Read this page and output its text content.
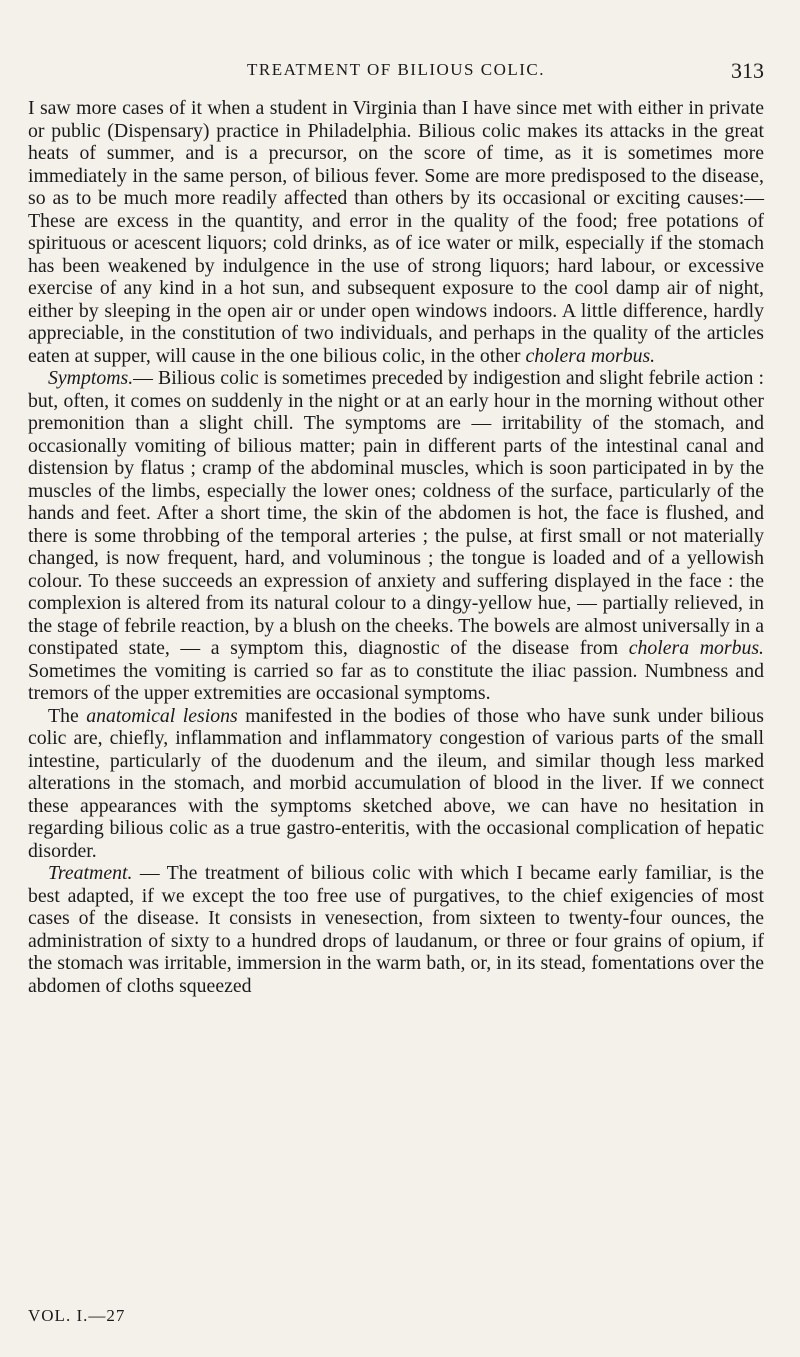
TREATMENT OF BILIOUS COLIC.	313

I saw more cases of it when a student in Virginia than I have since met with either in private or public (Dispensary) practice in Philadelphia. Bilious colic makes its attacks in the great heats of summer, and is a precursor, on the score of time, as it is sometimes more immediately in the same person, of bilious fever. Some are more predisposed to the disease, so as to be much more readily affected than others by its occasional or exciting causes:—These are excess in the quantity, and error in the quality of the food; free potations of spirituous or acescent liquors; cold drinks, as of ice water or milk, especially if the stomach has been weakened by indulgence in the use of strong liquors; hard labour, or excessive exercise of any kind in a hot sun, and subsequent exposure to the cool damp air of night, either by sleeping in the open air or under open windows indoors. A little difference, hardly appreciable, in the constitution of two individuals, and perhaps in the quality of the articles eaten at supper, will cause in the one bilious colic, in the other cholera morbus.

Symptoms.— Bilious colic is sometimes preceded by indigestion and slight febrile action : but, often, it comes on suddenly in the night or at an early hour in the morning without other premonition than a slight chill. The symptoms are — irritability of the stomach, and occasionally vomiting of bilious matter; pain in different parts of the intestinal canal and distension by flatus ; cramp of the abdominal muscles, which is soon participated in by the muscles of the limbs, especially the lower ones; coldness of the surface, particularly of the hands and feet. After a short time, the skin of the abdomen is hot, the face is flushed, and there is some throbbing of the temporal arteries ; the pulse, at first small or not materially changed, is now frequent, hard, and voluminous ; the tongue is loaded and of a yellowish colour. To these succeeds an expression of anxiety and suffering displayed in the face : the complexion is altered from its natural colour to a dingy-yellow hue, — partially relieved, in the stage of febrile reaction, by a blush on the cheeks. The bowels are almost universally in a constipated state, — a symptom this, diagnostic of the disease from cholera morbus. Sometimes the vomiting is carried so far as to constitute the iliac passion. Numbness and tremors of the upper extremities are occasional symptoms.

The anatomical lesions manifested in the bodies of those who have sunk under bilious colic are, chiefly, inflammation and inflammatory congestion of various parts of the small intestine, particularly of the duodenum and the ileum, and similar though less marked alterations in the stomach, and morbid accumulation of blood in the liver. If we connect these appearances with the symptoms sketched above, we can have no hesitation in regarding bilious colic as a true gastro-enteritis, with the occasional complication of hepatic disorder.

Treatment. — The treatment of bilious colic with which I became early familiar, is the best adapted, if we except the too free use of purgatives, to the chief exigencies of most cases of the disease. It consists in venesection, from sixteen to twenty-four ounces, the administration of sixty to a hundred drops of laudanum, or three or four grains of opium, if the stomach was irritable, immersion in the warm bath, or, in its stead, fomentations over the abdomen of cloths squeezed

VOL. I.—27
